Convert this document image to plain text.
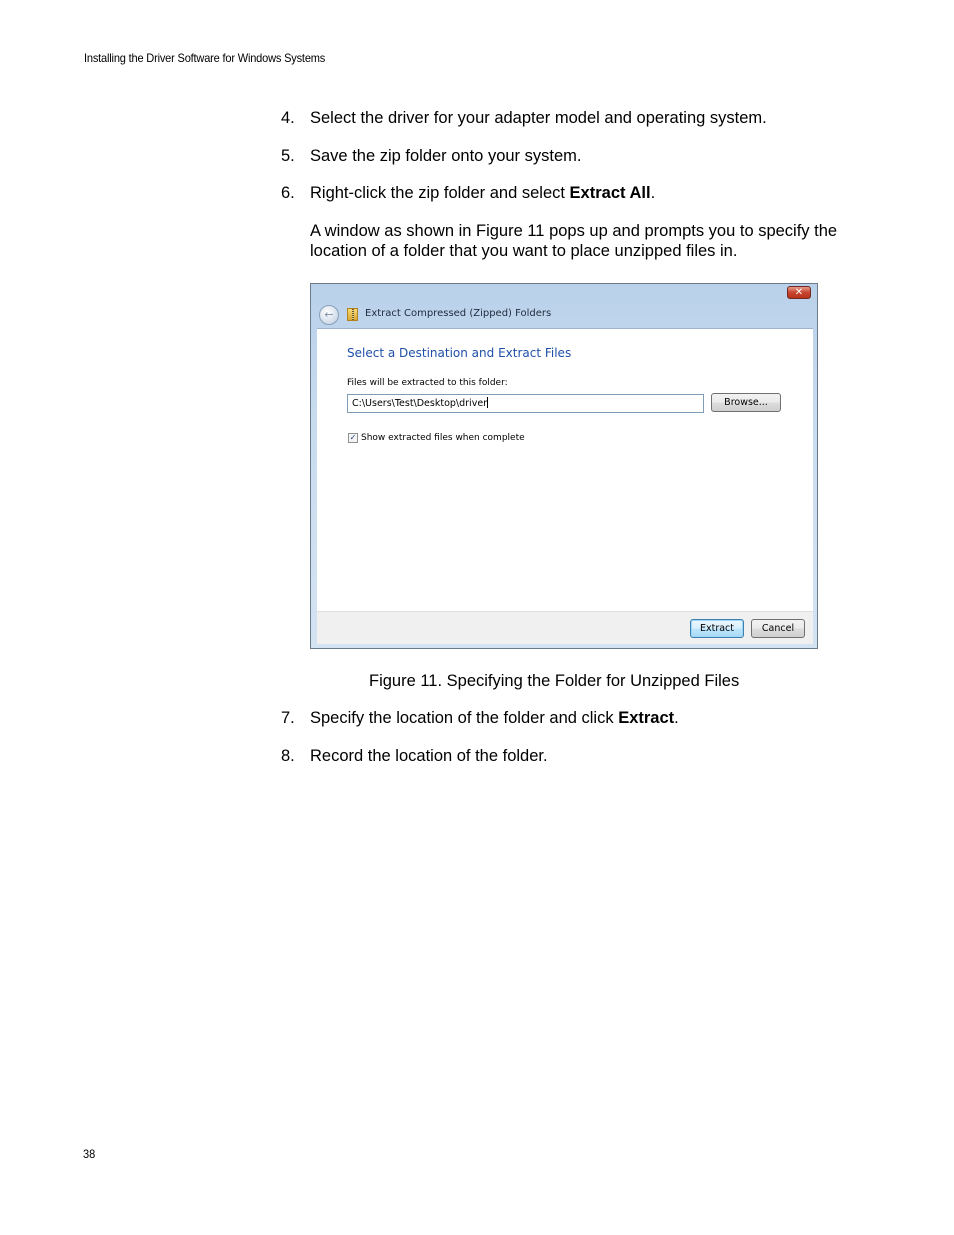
Installing the Driver Software for Windows Systems
4. Select the driver for your adapter model and operating system.
5. Save the zip folder onto your system.
6. Right-click the zip folder and select Extract All.
A window as shown in Figure 11 pops up and prompts you to specify the location of a folder that you want to place unzipped files in.
✕
←	Extract Compressed (Zipped) Folders
Select a Destination and Extract Files
Files will be extracted to this folder:
C:\Users\Test\Desktop\driver	Browse...
✓ Show extracted files when complete
Extract	Cancel
Figure 11. Specifying the Folder for Unzipped Files
7. Specify the location of the folder and click Extract.
8. Record the location of the folder.
38
